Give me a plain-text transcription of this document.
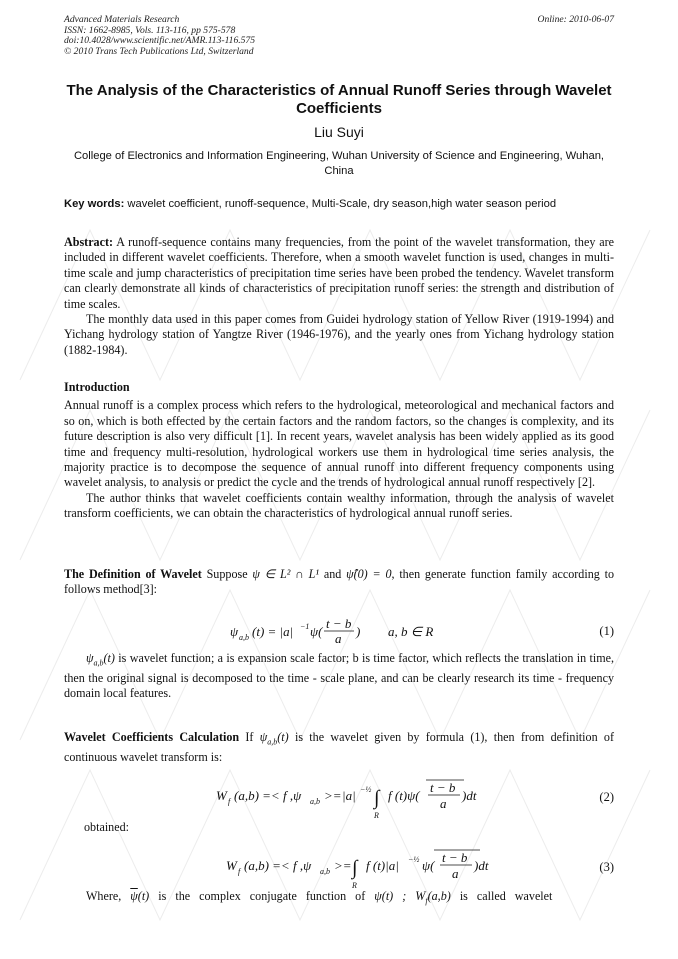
Advanced Materials Research
ISSN: 1662-8985, Vols. 113-116, pp 575-578
doi:10.4028/www.scientific.net/AMR.113-116.575
© 2010 Trans Tech Publications Ltd, Switzerland
Online: 2010-06-07
The Analysis of the Characteristics of Annual Runoff Series through Wavelet Coefficients
Liu Suyi
College of Electronics and Information Engineering, Wuhan University of Science and Engineering, Wuhan, China
Key words: wavelet coefficient, runoff-sequence, Multi-Scale, dry season,high water season period

Abstract: A runoff-sequence contains many frequencies, from the point of the wavelet transformation, they are included in different wavelet coefficients. Therefore, when a smooth wavelet function is used, changes in multi-time scale and jump characteristics of precipitation time series have been probed the tendency. Wavelet transform can clearly demonstrate all kinds of characteristics of precipitation runoff series: the strength and distribution of time scales.

The monthly data used in this paper comes from Guidei hydrology station of Yellow River (1919-1994) and Yichang hydrology station of Yangtze River (1946-1976), and the yearly ones from Yichang hydrology station (1882-1984).

Introduction

Annual runoff is a complex process which refers to the hydrological, meteorological and mechanical factors and so on, which is both effected by the certain factors and the random factors, so the changes is complexity, and its future description is also very difficult [1]. In recent years, wavelet analysis has been widely applied as its good time and frequency multi-resolution, hydrological workers use them in hydrological time series analysis, the majority practice is to decompose the sequence of annual runoff into different frequency components using wavelet analysis, to analysis or predict the cycle and the trends of hydrological annual runoff respectively [2].

The author thinks that wavelet coefficients contain wealthy information, through the analysis of wavelet transform coefficients, we can obtain the characteristics of hydrological annual runoff series.

The Definition of Wavelet Suppose ψ ∈ L² ∩ L¹ and ψ̂(0) = 0, then generate function family according to follows method[3]:

ψ a,b (t) = |a| −1 ψ(
t − b
a ) a, b ∈ R	(1)

$\psi_{a,b}(t)$ is wavelet function; a is expansion scale factor; b is time factor, which reflects the translation in time, then the original signal is decomposed to the time - scale plane, and can be clearly research its time - frequency domain local features.

Wavelet Coefficients Calculation If $\psi_{a,b}(t)$ is the wavelet given by formula (1), then from definition of continuous wavelet transform is:

W f (a,b) =< f ,ψ a,b >= |a| −½ ∫
R
f (t)ψ(
t − b
a
)dt	(2)
obtained:
W f (a,b) =< f ,ψ a,b >= ∫
R
f (t)|a| −½ ψ(
t − b
a
)dt	(3)

Where, $\overline{\psi}(t)$ is the complex conjugate function of ψ(t) ; $W_f(a,b)$ is called wavelet
